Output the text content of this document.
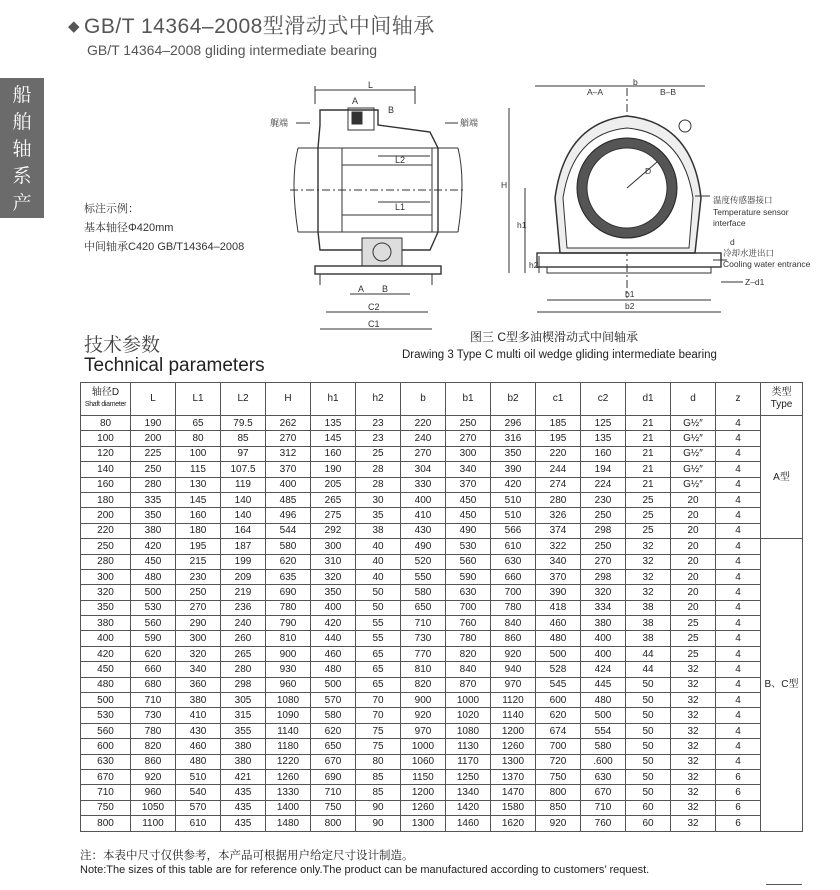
船
舶
轴
系
产
品
◆ GB/T 14364–2008型滑动式中间轴承
GB/T 14364–2008 gliding intermediate bearing
标注示例：
基本轴径Φ420mm
中间轴承C420 GB/T14364–2008
L
A
B
艉端	艏端
L2
L1
A B
C2
C1
b
A–A	B–B
D
H
h1
h2
b1
b2
温度传感器接口
Temperature sensor
interface
d
冷却水进出口
Cooling water entrance
Z–d1
技术参数
Technical parameters
图三 C型多油楔滑动式中间轴承
Drawing 3 Type C multi oil wedge gliding intermediate bearing
轴径D
Shaft diameter	L	L1	L2	H	h1	h2	b	b1	b2	c1	c2	d1	d	z	类型
Type
80	190	65	79.5	262	135	23	220	250	296	185	125	21	G½″	4	A型
100	200	80	85	270	145	23	240	270	316	195	135	21	G½″	4	
120	225	100	97	312	160	25	270	300	350	220	160	21	G½″	4	
140	250	115	107.5	370	190	28	304	340	390	244	194	21	G½″	4	
160	280	130	119	400	205	28	330	370	420	274	224	21	G½″	4	
180	335	145	140	485	265	30	400	450	510	280	230	25	20	4	
200	350	160	140	496	275	35	410	450	510	326	250	25	20	4	
220	380	180	164	544	292	38	430	490	566	374	298	25	20	4	
250	420	195	187	580	300	40	490	530	610	322	250	32	20	4	B、C型
280	450	215	199	620	310	40	520	560	630	340	270	32	20	4	
300	480	230	209	635	320	40	550	590	660	370	298	32	20	4	
320	500	250	219	690	350	50	580	630	700	390	320	32	20	4	
350	530	270	236	780	400	50	650	700	780	418	334	38	20	4	
380	560	290	240	790	420	55	710	760	840	460	380	38	25	4	
400	590	300	260	810	440	55	730	780	860	480	400	38	25	4	
420	620	320	265	900	460	65	770	820	920	500	400	44	25	4	
450	660	340	280	930	480	65	810	840	940	528	424	44	32	4	
480	680	360	298	960	500	65	820	870	970	545	445	50	32	4	
500	710	380	305	1080	570	70	900	1000	1120	600	480	50	32	4	
530	730	410	315	1090	580	70	920	1020	1140	620	500	50	32	4	
560	780	430	355	1140	620	75	970	1080	1200	674	554	50	32	4	
600	820	460	380	1180	650	75	1000	1130	1260	700	580	50	32	4	
630	860	480	380	1220	670	80	1060	1170	1300	720	.600	50	32	4	
670	920	510	421	1260	690	85	1150	1250	1370	750	630	50	32	6	
710	960	540	435	1330	710	85	1200	1340	1470	800	670	50	32	6	
750	1050	570	435	1400	750	90	1260	1420	1580	850	710	60	32	6	
800	1100	610	435	1480	800	90	1300	1460	1620	920	760	60	32	6	
注：本表中尺寸仅供参考，本产品可根据用户给定尺寸设计制造。
Note:The sizes of this table are for reference only.The product can be manufactured according to customers’ request.
